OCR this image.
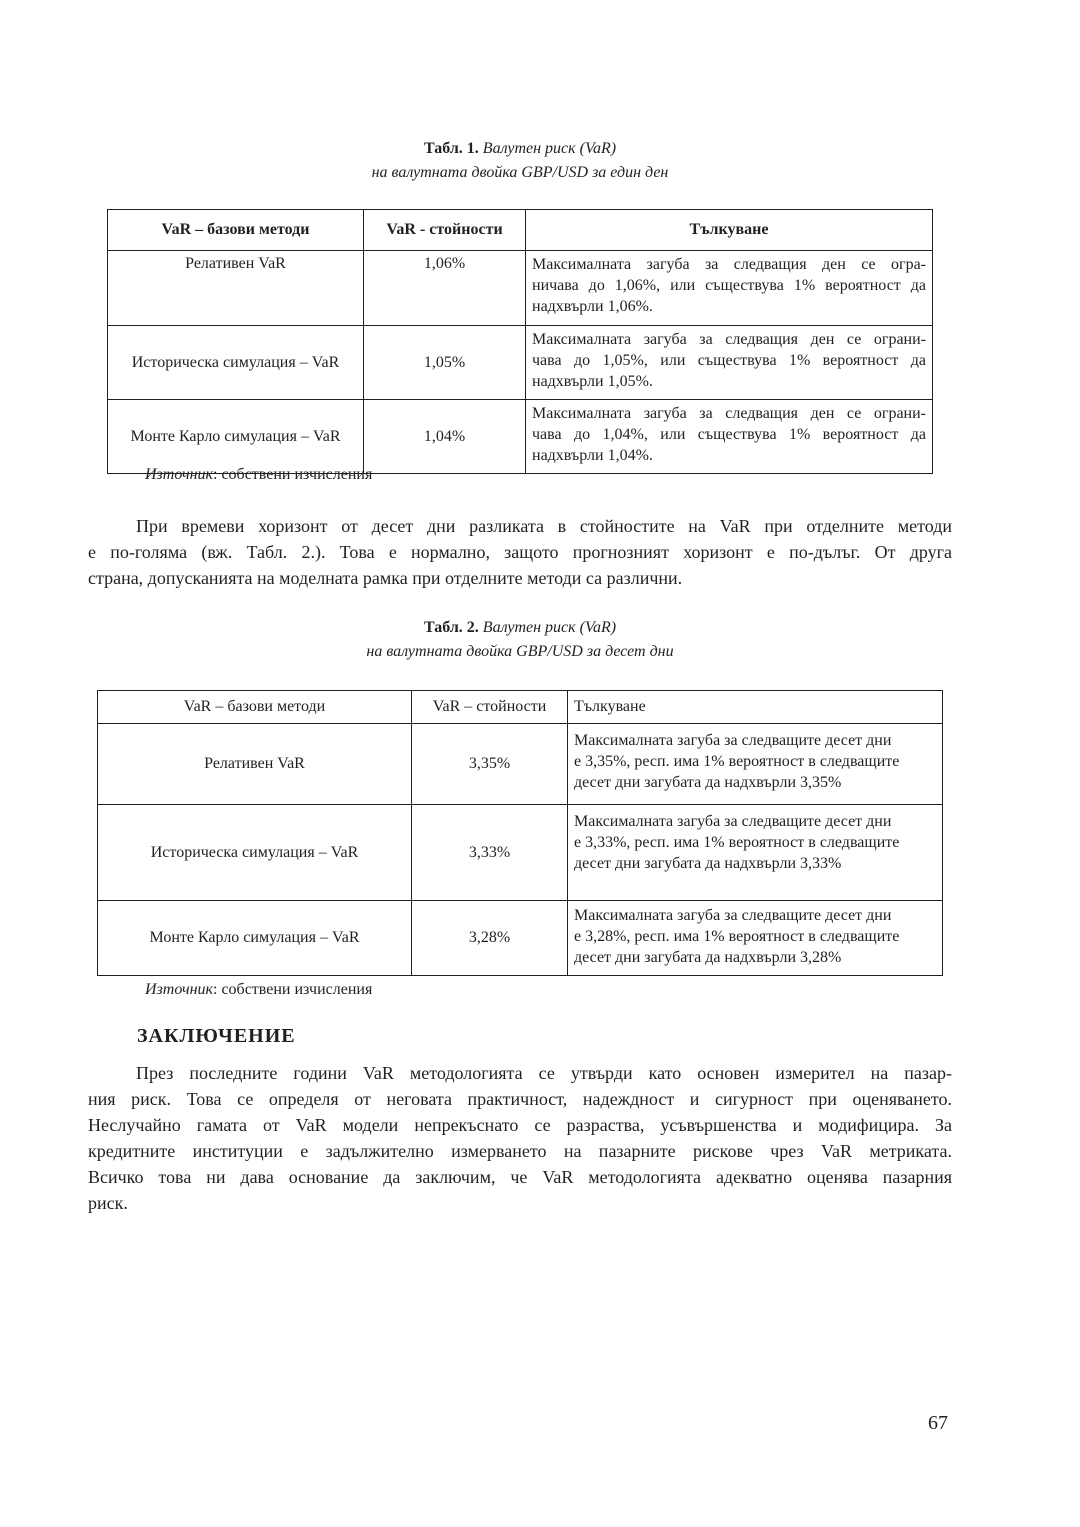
Табл. 1. Валутен риск (VaR)
на валутната двойка GBP/USD за един ден
VaR – базови методи	VaR - стойности	Тълкуване
Релативен VaR	1,06%	Максималната загуба за следващия ден се огра-
ничава до 1,06%, или съществува 1% вероятност да
надхвърли 1,06%.

Историческа симулация – VaR	1,05%	Максималната загуба за следващия ден се ограни-
чава до 1,05%, или съществува 1% вероятност да
надхвърли 1,05%.

Монте Карло симулация – VaR	1,04%	Максималната загуба за следващия ден се ограни-
чава до 1,04%, или съществува 1% вероятност да
надхвърли 1,04%.
Източник: собствени изчисления
При времеви хоризонт от десет дни разликата в стойностите на VaR при отделните методи
е по-голяма (вж. Табл. 2.). Това е нормално, защото прогнозният хоризонт е по-дълъг. От друга
страна, допусканията на моделната рамка при отделните методи са различни.
Табл. 2. Валутен риск (VaR)
на валутната двойка GBP/USD за десет дни
VaR – базови методи	VaR – стойности	Тълкуване
Релативен VaR	3,35%	Максималната загуба за следващите десет дни
е 3,35%, респ. има 1% вероятност в следващите
десет дни загубата да надхвърли 3,35%

Историческа симулация – VaR	3,33%	Максималната загуба за следващите десет дни
е 3,33%, респ. има 1% вероятност в следващите
десет дни загубата да надхвърли 3,33%

Монте Карло симулация – VaR	3,28%	Максималната загуба за следващите десет дни
е 3,28%, респ. има 1% вероятност в следващите
десет дни загубата да надхвърли 3,28%
Източник: собствени изчисления
ЗАКЛЮЧЕНИЕ
През последните години VaR методологията се утвърди като основен измерител на пазар-
ния риск. Това се определя от неговата практичност, надеждност и сигурност при оценяването.
Неслучайно гамата от VaR модели непрекъснато се разраства, усъвършенства и модифицира. За
кредитните институции е задължително измерването на пазарните рискове чрез VaR метриката.
Всичко това ни дава основание да заключим, че VaR методологията адекватно оценява пазарния
риск.
67
